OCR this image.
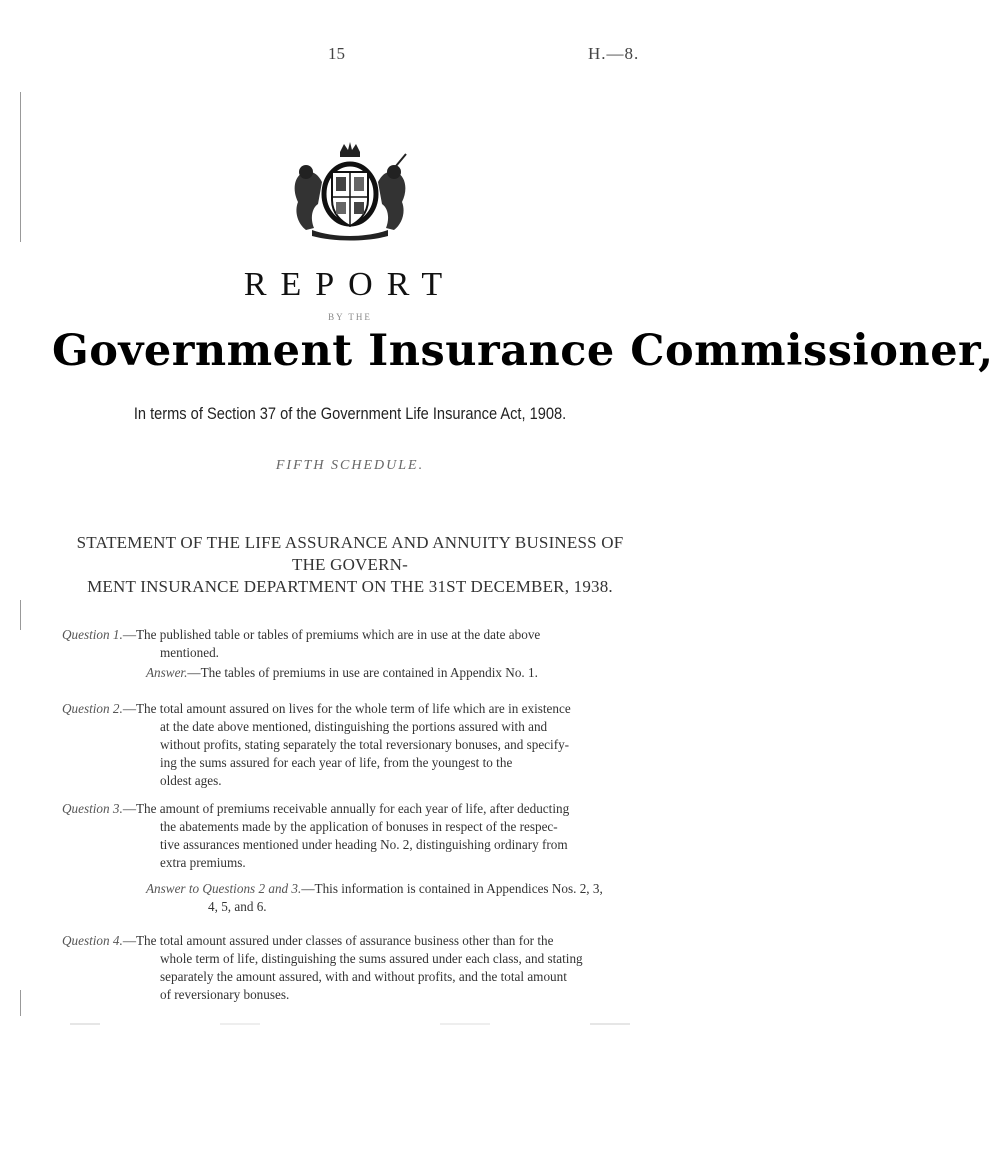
15	H.—8.
REPORT
BY THE
Government Insurance Commissioner,
In terms of Section 37 of the Government Life Insurance Act, 1908.
FIFTH SCHEDULE.
STATEMENT OF THE LIFE ASSURANCE AND ANNUITY BUSINESS OF THE GOVERN-
MENT INSURANCE DEPARTMENT ON THE 31ST DECEMBER, 1938.
Question 1.—The published table or tables of premiums which are in use at the date above
mentioned.
Answer.—The tables of premiums in use are contained in Appendix No. 1.
Question 2.—The total amount assured on lives for the whole term of life which are in existence
at the date above mentioned, distinguishing the portions assured with and
without profits, stating separately the total reversionary bonuses, and specify-
ing the sums assured for each year of life, from the youngest to the
oldest ages.
Question 3.—The amount of premiums receivable annually for each year of life, after deducting
the abatements made by the application of bonuses in respect of the respec-
tive assurances mentioned under heading No. 2, distinguishing ordinary from
extra premiums.
Answer to Questions 2 and 3.—This information is contained in Appendices Nos. 2, 3,
4, 5, and 6.
Question 4.—The total amount assured under classes of assurance business other than for the
whole term of life, distinguishing the sums assured under each class, and stating
separately the amount assured, with and without profits, and the total amount
of reversionary bonuses.
